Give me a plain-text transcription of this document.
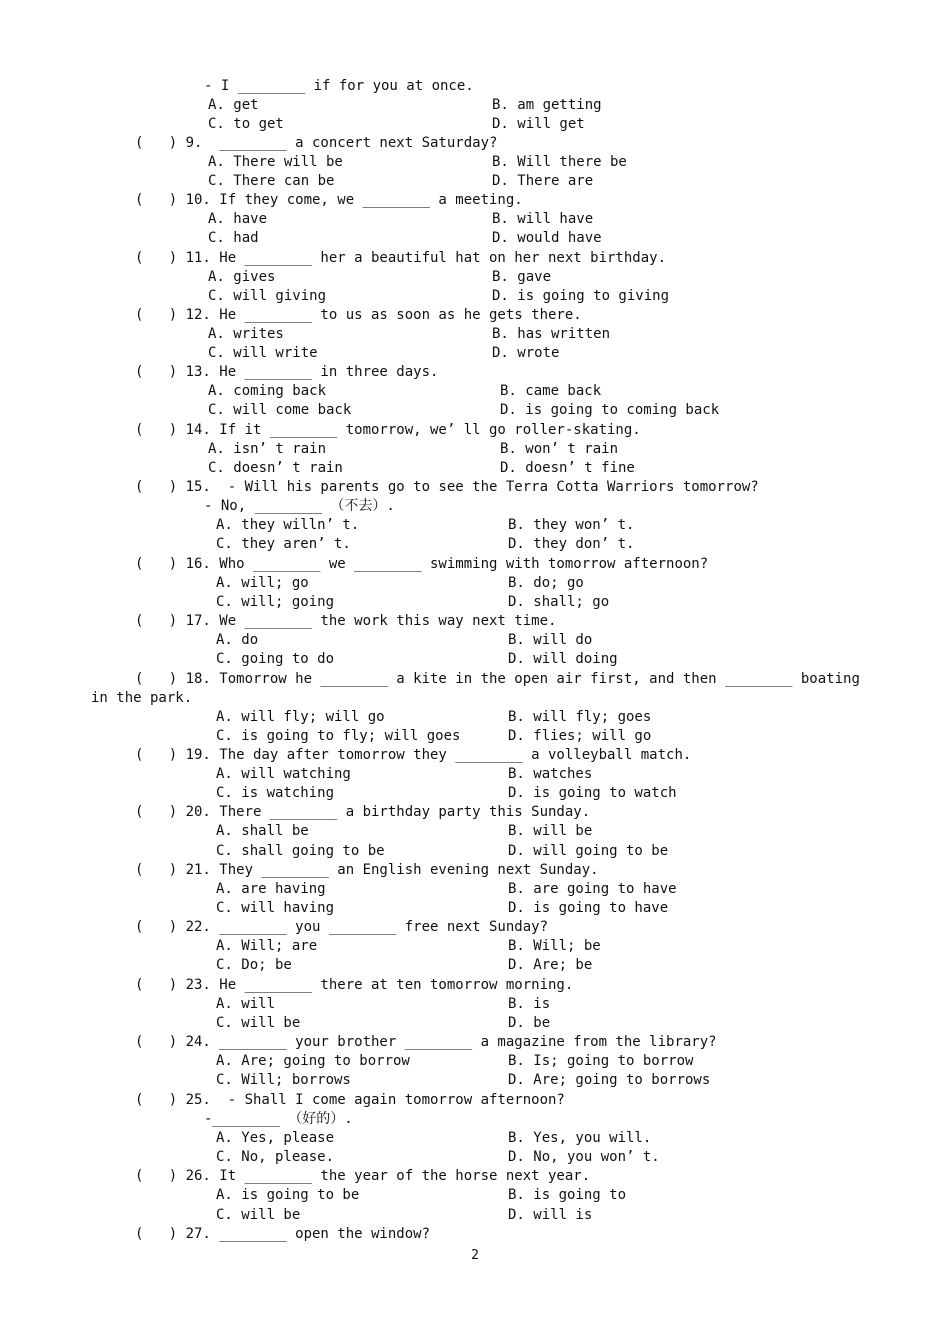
- I ________ if for you at once.
A. get	B. am getting
C. to get	D. will get
(   ) 9.  ________ a concert next Saturday?
A. There will be	B. Will there be
C. There can be	D. There are
(   ) 10. If they come, we ________ a meeting.
A. have	B. will have
C. had	D. would have
(   ) 11. He ________ her a beautiful hat on her next birthday.
A. gives	B. gave
C. will giving	D. is going to giving
(   ) 12. He ________ to us as soon as he gets there.
A. writes	B. has written
C. will write	D. wrote
(   ) 13. He ________ in three days.
A. coming back	B. came back
C. will come back	D. is going to coming back
(   ) 14. If it ________ tomorrow, we’ ll go roller-skating.
A. isn’ t rain	B. won’ t rain
C. doesn’ t rain	D. doesn’ t fine
(   ) 15.  - Will his parents go to see the Terra Cotta Warriors tomorrow?
- No, ________ （不去）.
A. they willn’ t.	B. they won’ t.
C. they aren’ t.	D. they don’ t.
(   ) 16. Who ________ we ________ swimming with tomorrow afternoon?
A. will; go	B. do; go
C. will; going	D. shall; go
(   ) 17. We ________ the work this way next time.
A. do	B. will do
C. going to do	D. will doing
(   ) 18. Tomorrow he ________ a kite in the open air first, and then ________ boating
in the park.
A. will fly; will go	B. will fly; goes
C. is going to fly; will goes	D. flies; will go
(   ) 19. The day after tomorrow they ________ a volleyball match.
A. will watching	B. watches
C. is watching	D. is going to watch
(   ) 20. There ________ a birthday party this Sunday.
A. shall be	B. will be
C. shall going to be	D. will going to be
(   ) 21. They ________ an English evening next Sunday.
A. are having	B. are going to have
C. will having	D. is going to have
(   ) 22. ________ you ________ free next Sunday?
A. Will; are	B. Will; be
C. Do; be	D. Are; be
(   ) 23. He ________ there at ten tomorrow morning.
A. will	B. is
C. will be	D. be
(   ) 24. ________ your brother ________ a magazine from the library?
A. Are; going to borrow	B. Is; going to borrow
C. Will; borrows	D. Are; going to borrows
(   ) 25.  - Shall I come again tomorrow afternoon?
-________ （好的）.
A. Yes, please	B. Yes, you will.
C. No, please.	D. No, you won’ t.
(   ) 26. It ________ the year of the horse next year.
A. is going to be	B. is going to
C. will be	D. will is
(   ) 27. ________ open the window?
2
